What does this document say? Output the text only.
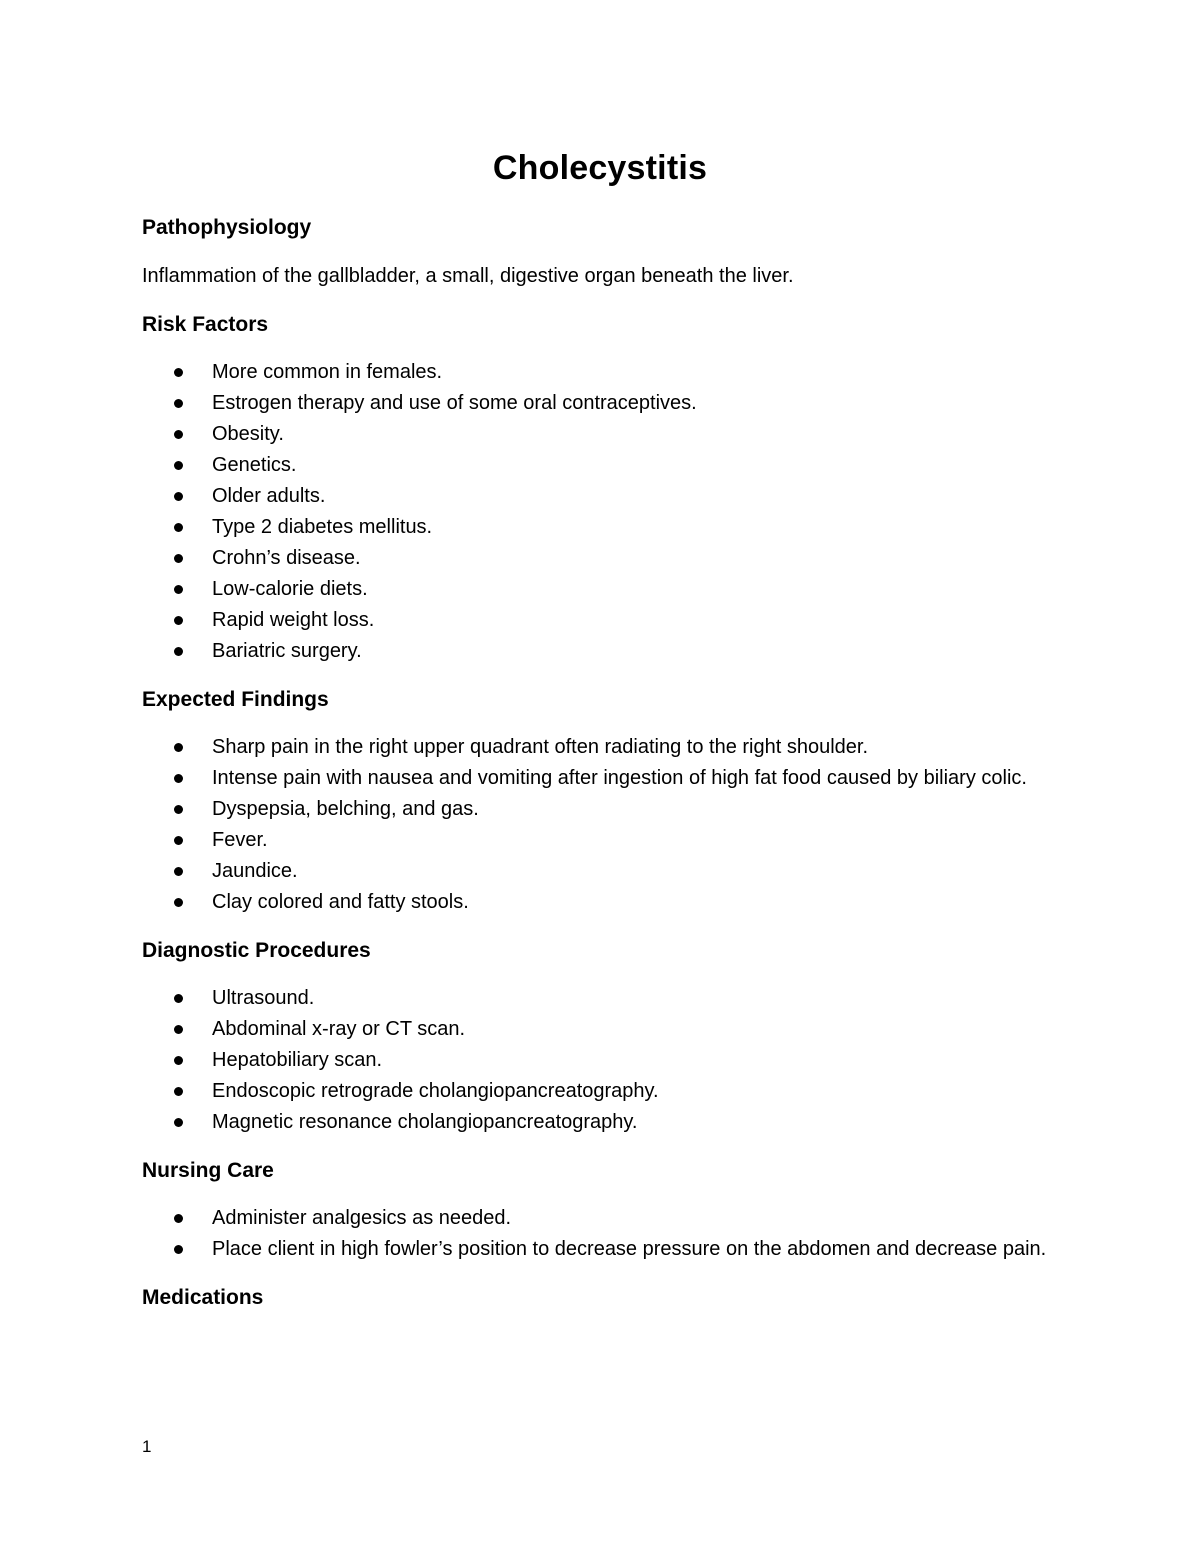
Cholecystitis
Pathophysiology

Inflammation of the gallbladder, a small, digestive organ beneath the liver.

Risk Factors
More common in females.
Estrogen therapy and use of some oral contraceptives.
Obesity.
Genetics.
Older adults.
Type 2 diabetes mellitus.
Crohn’s disease.
Low-calorie diets.
Rapid weight loss.
Bariatric surgery.
Expected Findings
Sharp pain in the right upper quadrant often radiating to the right shoulder.
Intense pain with nausea and vomiting after ingestion of high fat food caused by biliary colic.
Dyspepsia, belching, and gas.
Fever.
Jaundice.
Clay colored and fatty stools.
Diagnostic Procedures
Ultrasound.
Abdominal x-ray or CT scan.
Hepatobiliary scan.
Endoscopic retrograde cholangiopancreatography.
Magnetic resonance cholangiopancreatography.
Nursing Care
Administer analgesics as needed.
Place client in high fowler’s position to decrease pressure on the abdomen and decrease pain.
Medications
1
